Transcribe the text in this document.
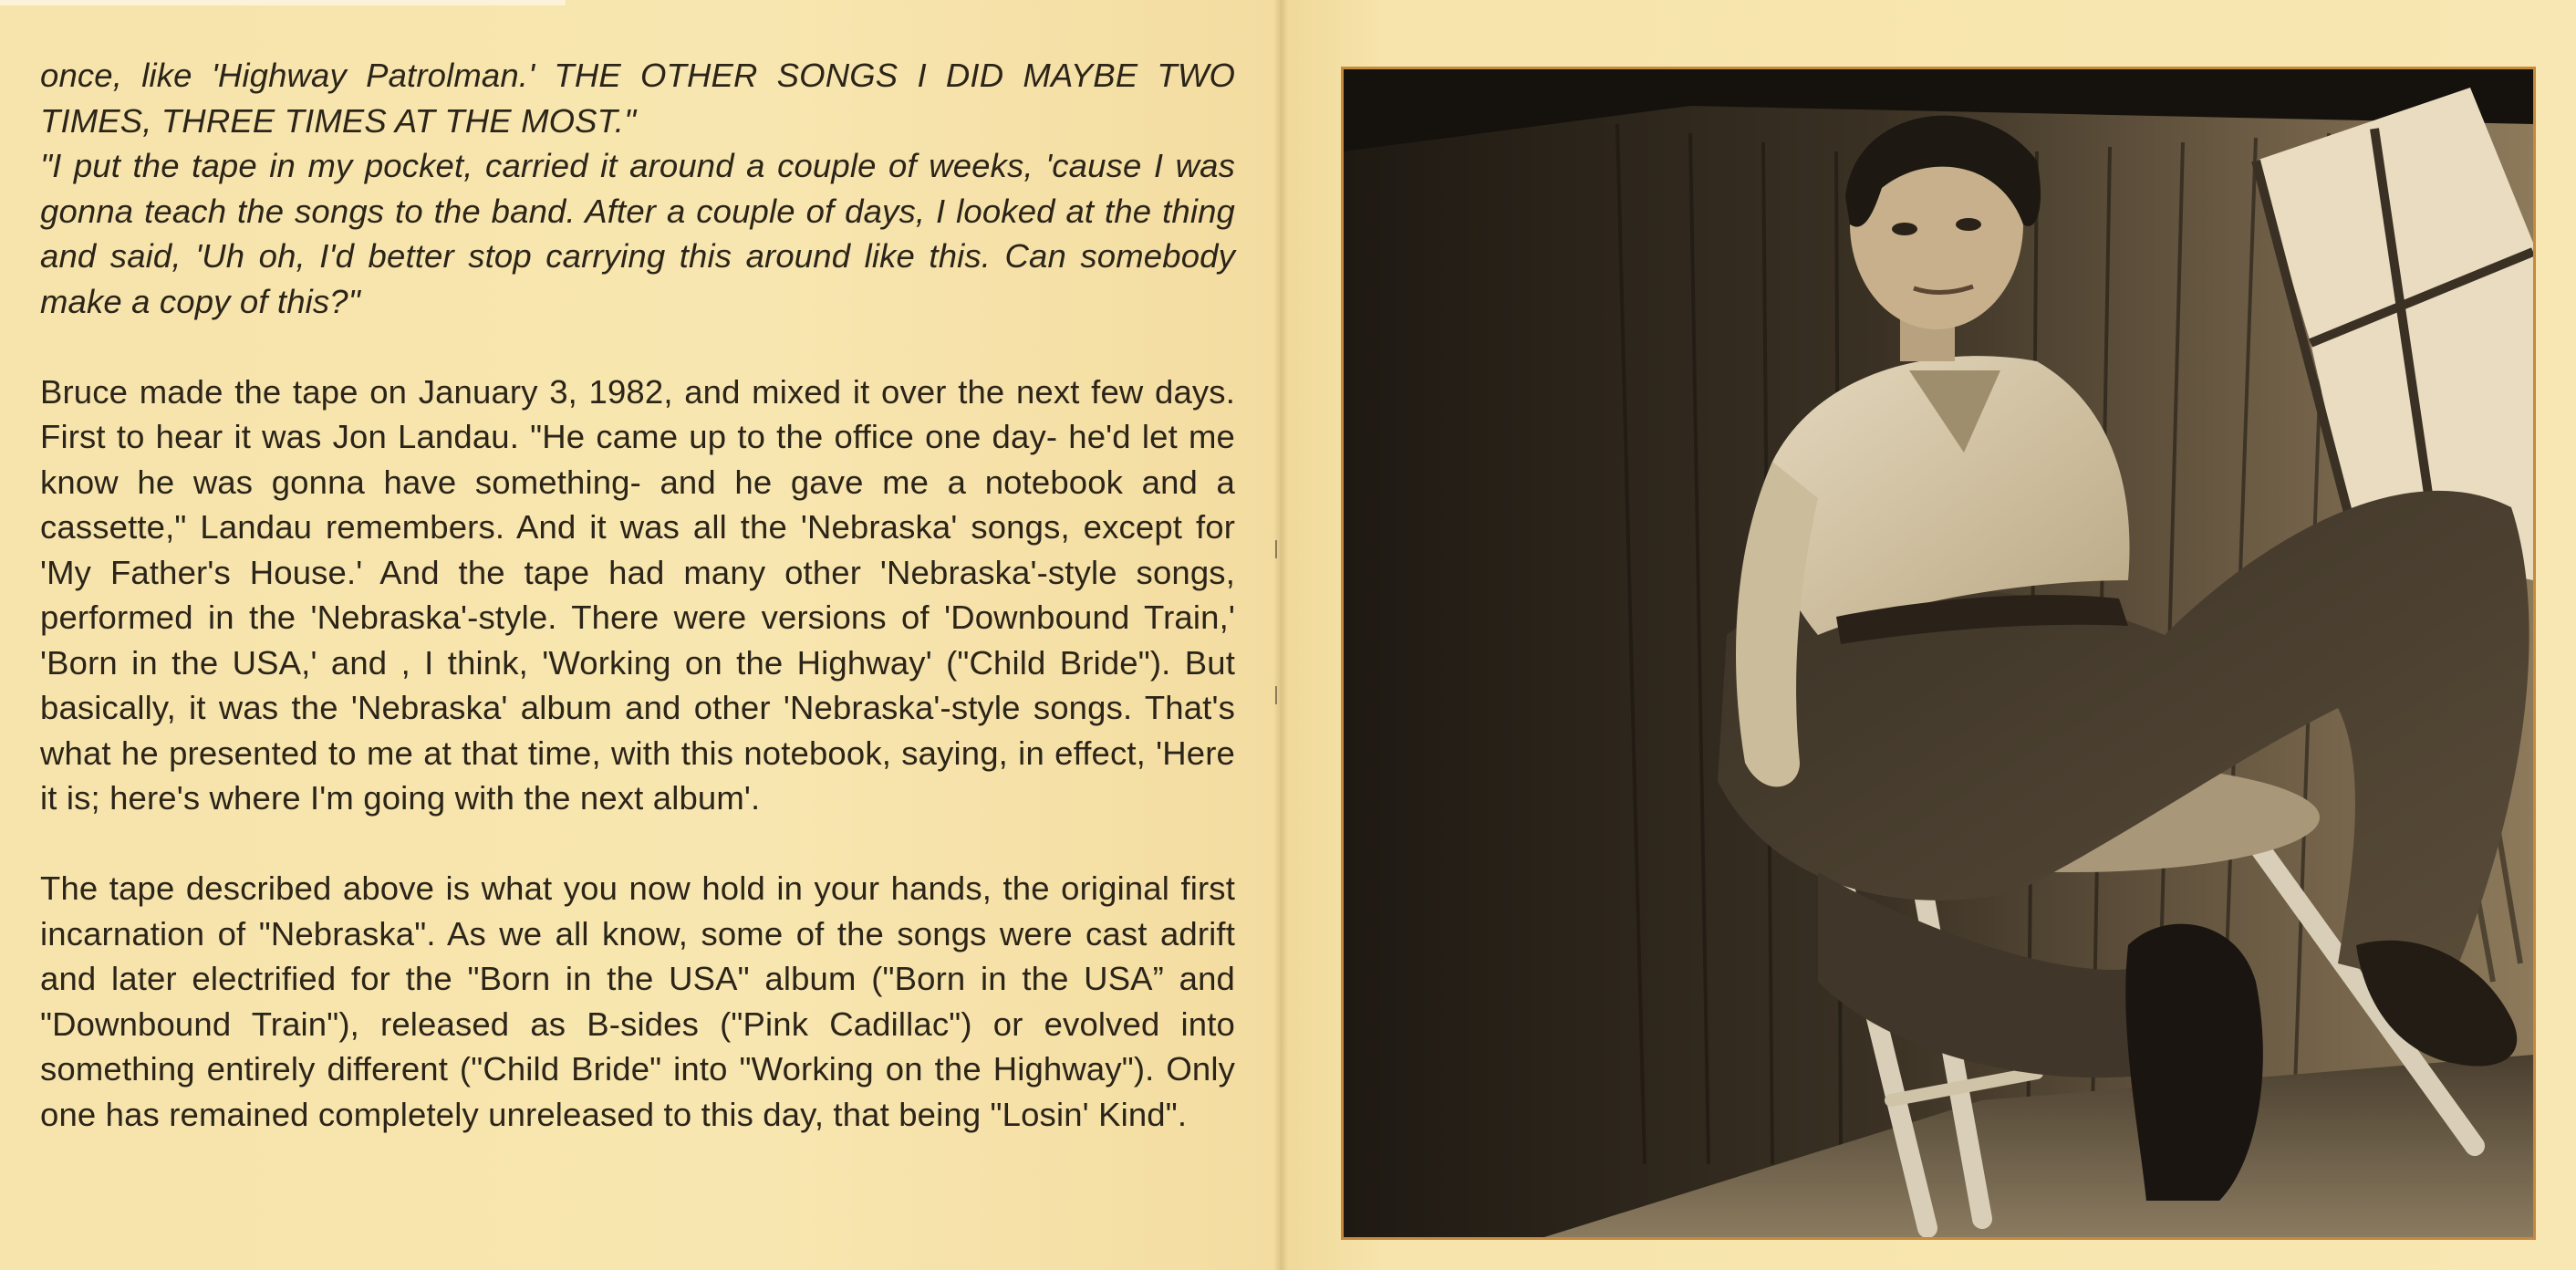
once, like 'Highway Patrolman.' THE OTHER SONGS I DID MAYBE TWO TIMES, THREE TIMES AT THE MOST."
"I put the tape in my pocket, carried it around a couple of weeks, 'cause I was gonna teach the songs to the band. After a couple of days, I looked at the thing and said, 'Uh oh, I'd better stop carrying this around like this. Can somebody make a copy of this?"

Bruce made the tape on January 3, 1982, and mixed it over the next few days. First to hear it was Jon Landau. "He came up to the office one day- he'd let me know he was gonna have something- and he gave me a notebook and a cassette," Landau remembers. And it was all the 'Nebraska' songs, except for 'My Father's House.' And the tape had many other 'Nebraska'-style songs, performed in the 'Nebraska'-style. There were versions of 'Downbound Train,' 'Born in the USA,' and , I think, 'Working on the Highway' ("Child Bride"). But basically, it was the 'Nebraska' album and other 'Nebraska'-style songs. That's what he presented to me at that time, with this notebook, saying, in effect, 'Here it is; here's where I'm going with the next album'.

The tape described above is what you now hold in your hands, the original first incarnation of "Nebraska". As we all know, some of the songs were cast adrift and later electrified for the "Born in the USA" album ("Born in the USA” and "Downbound Train"), released as B-sides ("Pink Cadillac") or evolved into something entirely different ("Child Bride" into "Working on the Highway"). Only one has remained completely unreleased to this day, that being "Losin' Kind".
